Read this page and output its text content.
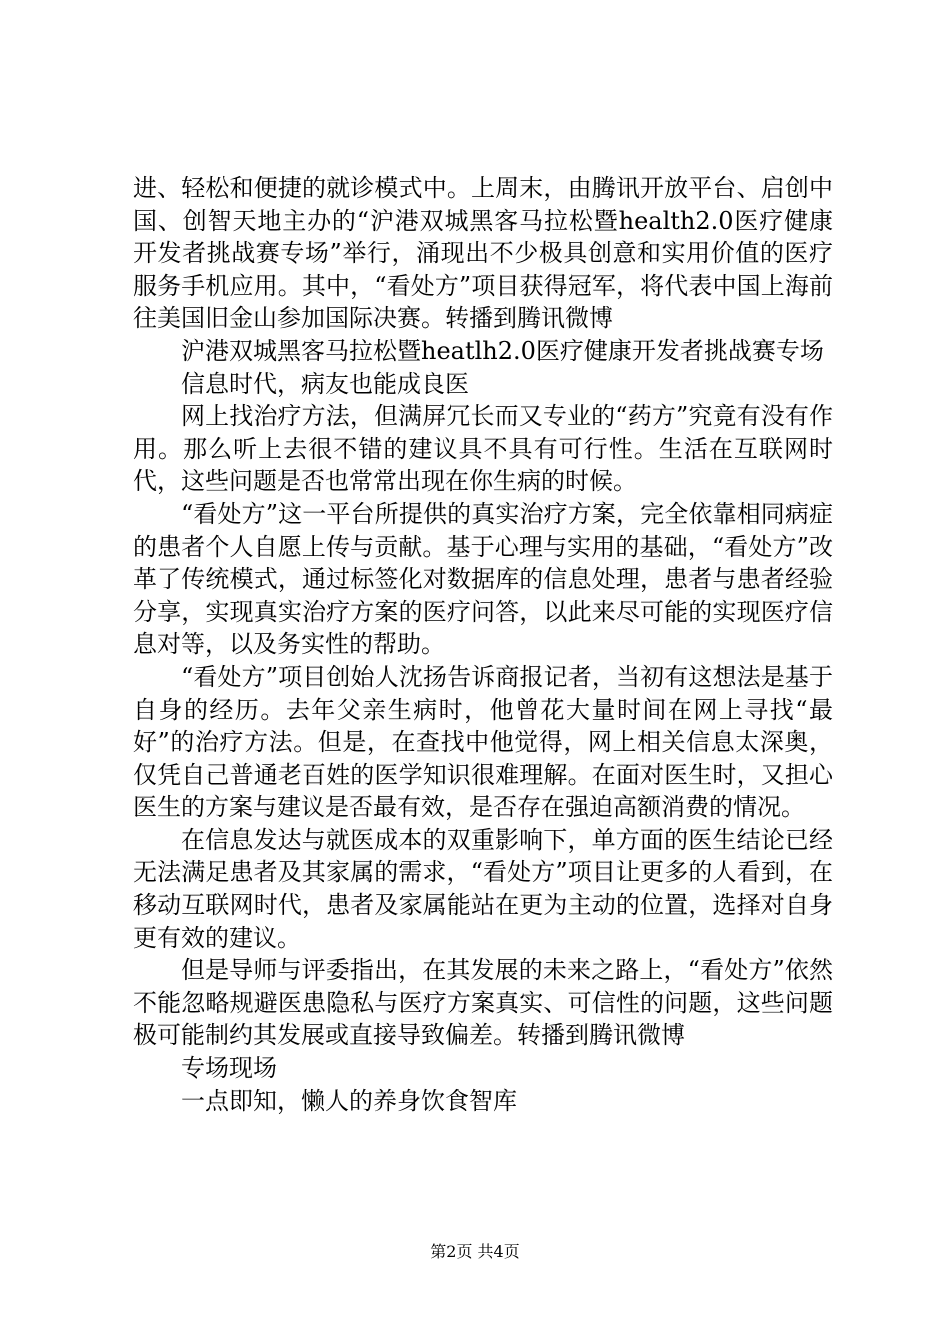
进、轻松和便捷的就诊模式中。上周末，由腾讯开放平台、启创中国、创智天地主办的“沪港双城黑客马拉松暨health2.0医疗健康开发者挑战赛专场”举行，涌现出不少极具创意和实用价值的医疗服务手机应用。其中，“看处方”项目获得冠军，将代表中国上海前往美国旧金山参加国际决赛。转播到腾讯微博

沪港双城黑客马拉松暨heatlh2.0医疗健康开发者挑战赛专场

信息时代，病友也能成良医

网上找治疗方法，但满屏冗长而又专业的“药方”究竟有没有作用。那么听上去很不错的建议具不具有可行性。生活在互联网时代，这些问题是否也常常出现在你生病的时候。

“看处方”这一平台所提供的真实治疗方案，完全依靠相同病症的患者个人自愿上传与贡献。基于心理与实用的基础，“看处方”改革了传统模式，通过标签化对数据库的信息处理，患者与患者经验分享，实现真实治疗方案的医疗问答，以此来尽可能的实现医疗信息对等，以及务实性的帮助。

“看处方”项目创始人沈扬告诉商报记者，当初有这想法是基于自身的经历。去年父亲生病时，他曾花大量时间在网上寻找“最好”的治疗方法。但是，在查找中他觉得，网上相关信息太深奥，仅凭自己普通老百姓的医学知识很难理解。在面对医生时，又担心医生的方案与建议是否最有效，是否存在强迫高额消费的情况。

在信息发达与就医成本的双重影响下，单方面的医生结论已经无法满足患者及其家属的需求，“看处方”项目让更多的人看到，在移动互联网时代，患者及家属能站在更为主动的位置，选择对自身更有效的建议。

但是导师与评委指出，在其发展的未来之路上，“看处方”依然不能忽略规避医患隐私与医疗方案真实、可信性的问题，这些问题极可能制约其发展或直接导致偏差。转播到腾讯微博

专场现场

一点即知，懒人的养身饮食智库

第2页 共4页
